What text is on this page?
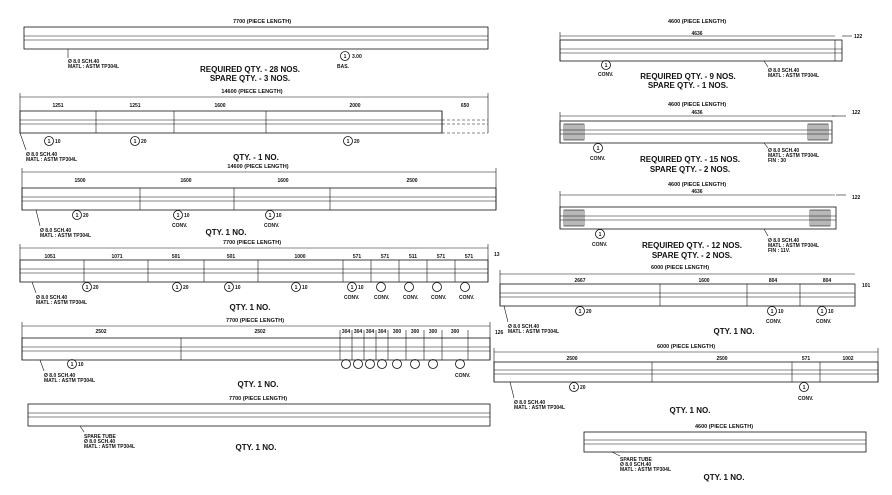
7700 (PIECE LENGTH)
Ø 8.0 SCH.40
MATL : ASTM TP304L
1 3.00
BAS.
REQUIRED QTY. - 28 NOS.
SPARE QTY. - 3 NOS.
14600 (PIECE LENGTH)
1251	1251	1600	2000	650
1 10	1 20	1 20
Ø 8.0 SCH.40
MATL : ASTM TP304L	QTY. - 1 NO.
14600 (PIECE LENGTH)
1500	1600	1600	2500
1 20	1 10
CONV.
1 10
CONV.
Ø 8.0 SCH.40
MATL : ASTM TP304L	QTY. 1 NO.
7700 (PIECE LENGTH)
1051	1071	501	501	1000	571	571	511	571	571	13
1 20	1 20	1 10	1 10	1 10
CONV.	CONV.	CONV.	CONV.	CONV.
Ø 8.0 SCH.40
MATL : ASTM TP304L	QTY. 1 NO.
7700 (PIECE LENGTH)
2502	2502	304 304 304 304 300 300 300	300	126
1 10
CONV.
Ø 8.0 SCH.40
MATL : ASTM TP304L	QTY. 1 NO.
7700 (PIECE LENGTH)
SPARE TUBE
Ø 8.0 SCH.40
MATL : ASTM TP304L	QTY. 1 NO.
4600 (PIECE LENGTH)
4636	122
1
CONV.
Ø 8.0 SCH.40
MATL : ASTM TP304L
REQUIRED QTY. - 9 NOS.
SPARE QTY. - 1 NOS.
4600 (PIECE LENGTH)
4636	122
1
CONV.
Ø 8.0 SCH.40
MATL : ASTM TP304L
FIN : 30
REQUIRED QTY. - 15 NOS.
SPARE QTY. - 2 NOS.
4600 (PIECE LENGTH)
4636
122
1
CONV.
Ø 8.0 SCH.40
MATL : ASTM TP304L
FIN : 11V.
REQUIRED QTY. - 12 NOS.
SPARE QTY. - 2 NOS.
6000 (PIECE LENGTH)
2667	1600	804	804
101
1 20	1 10
CONV.
1 10
CONV.
Ø 8.0 SCH.40
MATL : ASTM TP304L	QTY. 1 NO.
6000 (PIECE LENGTH)
2500	2500	571	1002
1 20	1
CONV.
Ø 8.0 SCH.40
MATL : ASTM TP304L	QTY. 1 NO.
4600 (PIECE LENGTH)
SPARE TUBE
Ø 8.0 SCH.40
MATL : ASTM TP304L
QTY. 1 NO.
